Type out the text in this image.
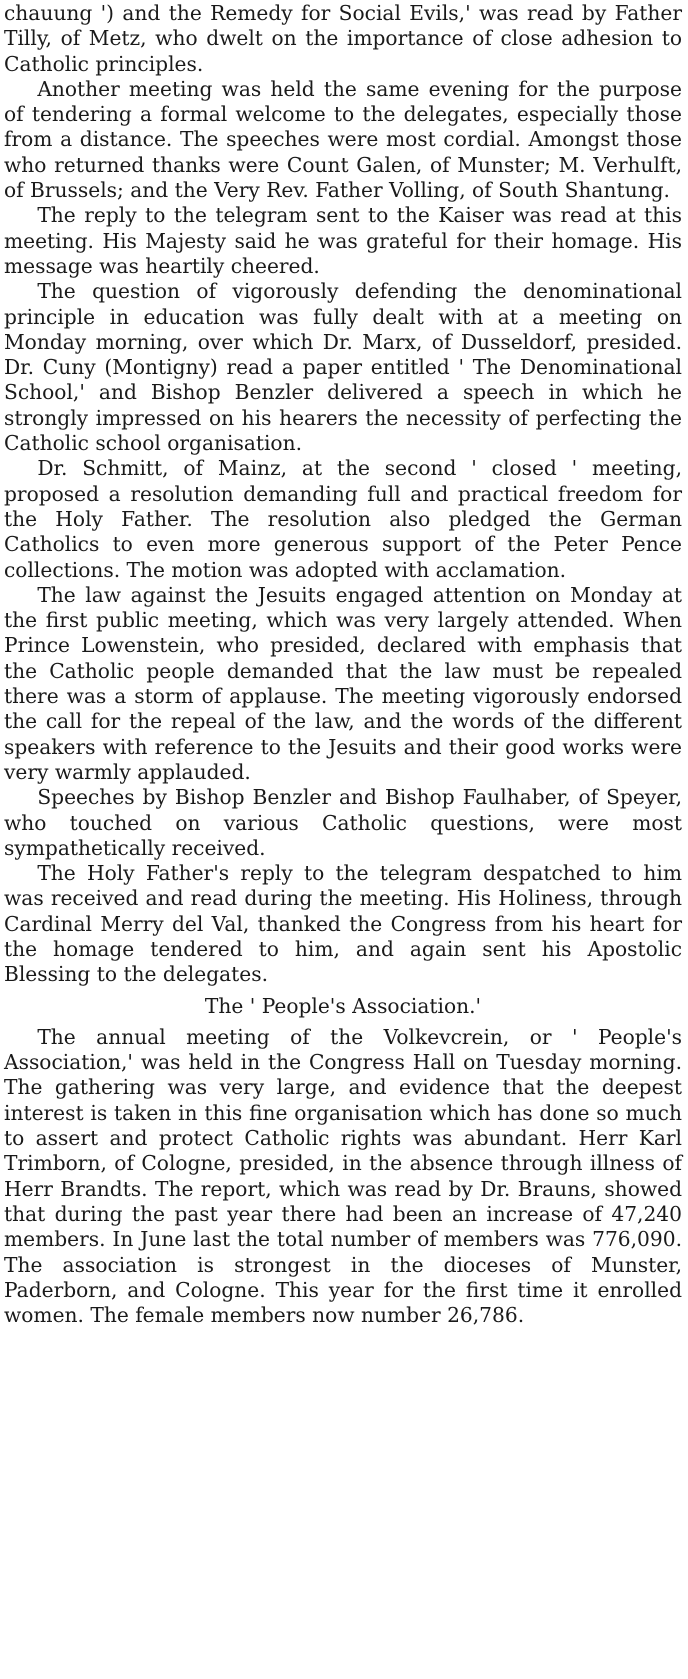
chauung ') and the Remedy for Social Evils,' was read by Father Tilly, of Metz, who dwelt on the importance of close adhesion to Catholic principles.

Another meeting was held the same evening for the purpose of tendering a formal welcome to the delegates, especially those from a distance. The speeches were most cordial. Amongst those who returned thanks were Count Galen, of Munster; M. Verhulft, of Brussels; and the Very Rev. Father Volling, of South Shantung.

The reply to the telegram sent to the Kaiser was read at this meeting. His Majesty said he was grateful for their homage. His message was heartily cheered.

The question of vigorously defending the denominational principle in education was fully dealt with at a meeting on Monday morning, over which Dr. Marx, of Dusseldorf, presided. Dr. Cuny (Montigny) read a paper entitled ' The Denominational School,' and Bishop Benzler delivered a speech in which he strongly impressed on his hearers the necessity of perfecting the Catholic school organisation.

Dr. Schmitt, of Mainz, at the second ' closed ' meeting, proposed a resolution demanding full and practical freedom for the Holy Father. The resolution also pledged the German Catholics to even more generous support of the Peter Pence collections. The motion was adopted with acclamation.

The law against the Jesuits engaged attention on Monday at the first public meeting, which was very largely attended. When Prince Lowenstein, who presided, declared with emphasis that the Catholic people demanded that the law must be repealed there was a storm of applause. The meeting vigorously endorsed the call for the repeal of the law, and the words of the different speakers with reference to the Jesuits and their good works were very warmly applauded.

Speeches by Bishop Benzler and Bishop Faulhaber, of Speyer, who touched on various Catholic questions, were most sympathetically received.

The Holy Father's reply to the telegram despatched to him was received and read during the meeting. His Holiness, through Cardinal Merry del Val, thanked the Congress from his heart for the homage tendered to him, and again sent his Apostolic Blessing to the delegates.

The ' People's Association.'

The annual meeting of the Volkevcrein, or ' People's Association,' was held in the Congress Hall on Tuesday morning. The gathering was very large, and evidence that the deepest interest is taken in this fine organisation which has done so much to assert and protect Catholic rights was abundant. Herr Karl Trimborn, of Cologne, presided, in the absence through illness of Herr Brandts. The report, which was read by Dr. Brauns, showed that during the past year there had been an increase of 47,240 members. In June last the total number of members was 776,090. The association is strongest in the dioceses of Munster, Paderborn, and Cologne. This year for the first time it enrolled women. The female members now number 26,786.
